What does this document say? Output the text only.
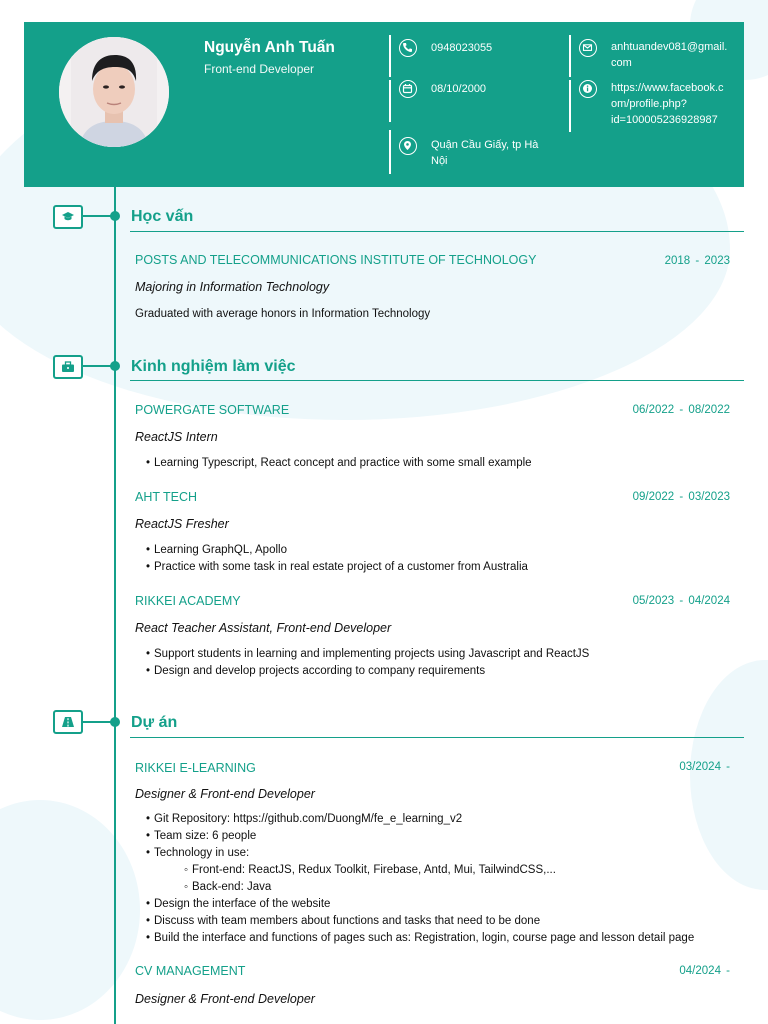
Nguyễn Anh Tuấn
Front-end Developer
0948023055
08/10/2000
Quận Cầu Giấy, tp Hà
Nội
anhtuandev081@gmail.
com
https://www.facebook.c
om/profile.php?
id=100005236928987
Học vấn
POSTS AND TELECOMMUNICATIONS INSTITUTE OF TECHNOLOGY	2018 - 2023
Majoring in Information Technology
Graduated with average honors in Information Technology
Kinh nghiệm làm việc
POWERGATE SOFTWARE	06/2022 - 08/2022
ReactJS Intern
• Learning Typescript, React concept and practice with some small example
AHT TECH	09/2022 - 03/2023
ReactJS Fresher
• Learning GraphQL, Apollo
• Practice with some task in real estate project of a customer from Australia
RIKKEI ACADEMY	05/2023 - 04/2024
React Teacher Assistant, Front-end Developer
• Support students in learning and implementing projects using Javascript and ReactJS
• Design and develop projects according to company requirements
Dự án
RIKKEI E-LEARNING	03/2024 -
Designer & Front-end Developer
• Git Repository: https://github.com/DuongM/fe_e_learning_v2
• Team size: 6 people
• Technology in use:
◦ Front-end: ReactJS, Redux Toolkit, Firebase, Antd, Mui, TailwindCSS,...
◦ Back-end: Java
• Design the interface of the website
• Discuss with team members about functions and tasks that need to be done
• Build the interface and functions of pages such as: Registration, login, course page and lesson detail page
CV MANAGEMENT	04/2024 -
Designer & Front-end Developer
